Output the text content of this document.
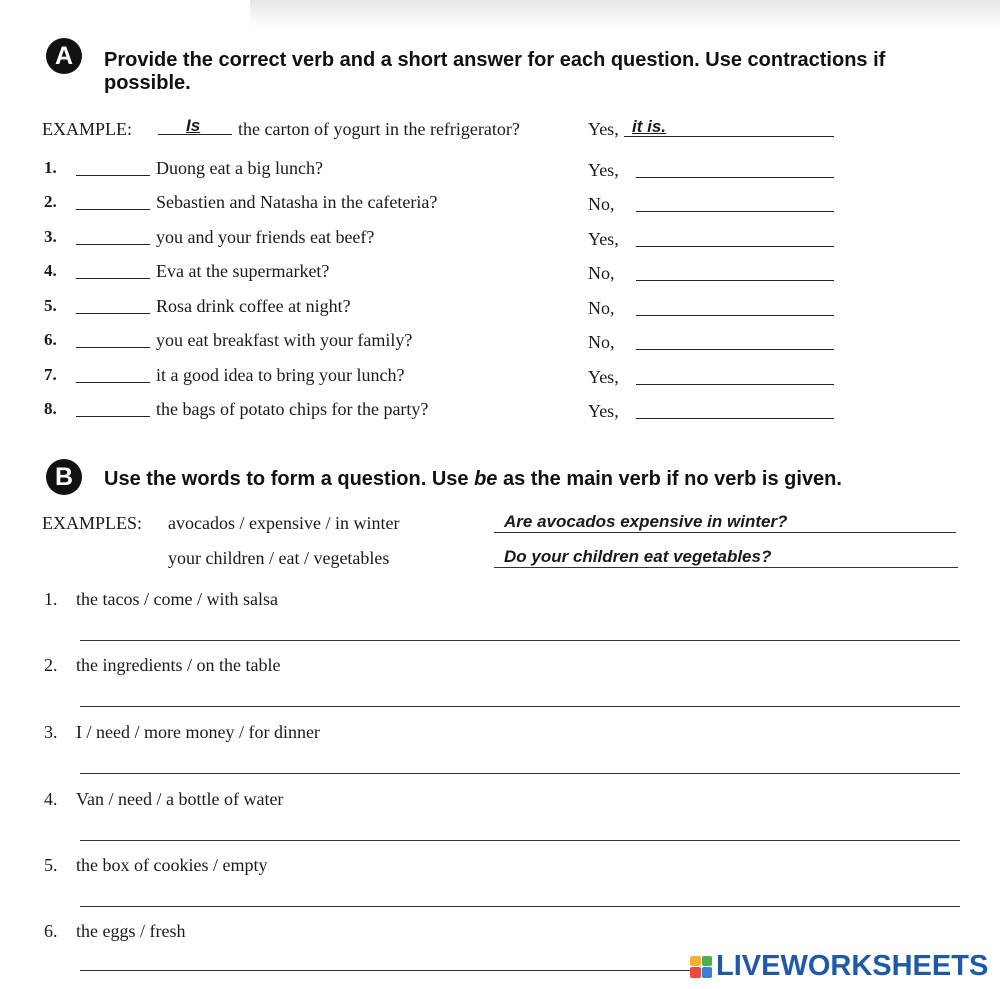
A	Provide the correct verb and a short answer for each question. Use contractions if possible.
EXAMPLE:	Is the carton of yogurt in the refrigerator?	Yes, it is.
1.	Duong eat a big lunch?	Yes,
2.	Sebastien and Natasha in the cafeteria?	No,
3.	you and your friends eat beef?	Yes,
4.	Eva at the supermarket?	No,
5.	Rosa drink coffee at night?	No,
6.	you eat breakfast with your family?	No,
7.	it a good idea to bring your lunch?	Yes,
8.	the bags of potato chips for the party?	Yes,
B	Use the words to form a question. Use be as the main verb if no verb is given.
EXAMPLES: avocados / expensive / in winter	Are avocados expensive in winter?
your children / eat / vegetables	Do your children eat vegetables?
1. the tacos / come / with salsa
2. the ingredients / on the table
3. I / need / more money / for dinner
4. Van / need / a bottle of water
5. the box of cookies / empty
6. the eggs / fresh
LIVEWORKSHEETS
